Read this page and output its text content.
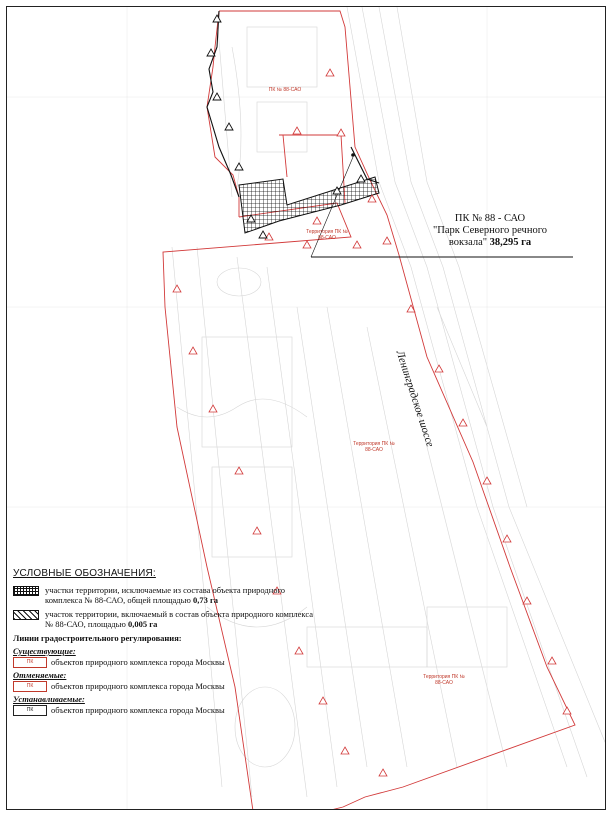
ПК № 88-САО
Территория ПК № 88-САО
Территория ПК № 88-САО
Территория ПК № 88-САО
ПК № 88 - САО
"Парк Северного речного
вокзала" 38,295 га
Ленинградское шоссе
УСЛОВНЫЕ ОБОЗНАЧЕНИЯ:
участки территории, исключаемые из состава объекта природного комплекса № 88-САО, общей площадью 0,73 га
участок территории, включаемый в состав объекта природного комплекса № 88-САО, площадью 0,005 га
Линии градостроительного регулирования:
Существующие:
ПК	объектов природного комплекса города Москвы
Отменяемые:
ПК	объектов природного комплекса города Москвы
Устанавливаемые:
ПК	объектов природного комплекса города Москвы
